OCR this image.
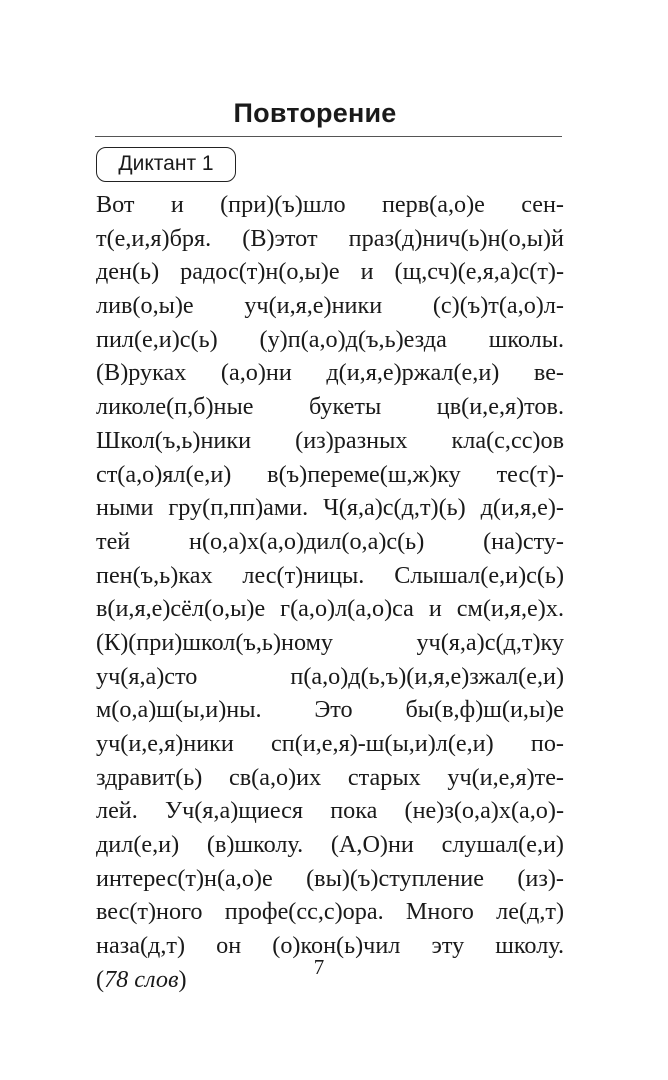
Повторение
Диктант 1
Вот и (при)(ъ)шло перв(а,о)е сен-
т(е,и,я)бря. (В)этот праз(д)нич(ь)н(о,ы)й
ден(ь) радос(т)н(о,ы)е и (щ,сч)(е,я,а)с(т)-
лив(о,ы)е уч(и,я,е)ники (с)(ъ)т(а,о)л-
пил(е,и)с(ь) (у)п(а,о)д(ъ,ь)езда школы.
(В)руках (а,о)ни д(и,я,е)ржал(е,и) ве-
ликоле(п,б)ные букеты цв(и,е,я)тов.
Школ(ъ,ь)ники (из)разных кла(с,сс)ов
ст(а,о)ял(е,и) в(ъ)переме(ш,ж)ку тес(т)-
ными гру(п,пп)ами. Ч(я,а)с(д,т)(ь) д(и,я,е)-
тей н(о,а)х(а,о)дил(о,а)с(ь) (на)сту-
пен(ъ,ь)ках лес(т)ницы. Слышал(е,и)с(ь)
в(и,я,е)сёл(о,ы)е г(а,о)л(а,о)са и см(и,я,е)х.
(К)(при)школ(ъ,ь)ному уч(я,а)с(д,т)ку
уч(я,а)сто п(а,о)д(ь,ъ)(и,я,е)зжал(е,и)
м(о,а)ш(ы,и)ны. Это бы(в,ф)ш(и,ы)е
уч(и,е,я)ники сп(и,е,я)-ш(ы,и)л(е,и) по-
здравит(ь) св(а,о)их старых уч(и,е,я)те-
лей. Уч(я,а)щиеся пока (не)з(о,а)х(а,о)-
дил(е,и) (в)школу. (А,О)ни слушал(е,и)
интерес(т)н(а,о)е (вы)(ъ)ступление (из)-
вес(т)ного профе(сс,с)ора. Много ле(д,т)
наза(д,т) он (о)кон(ь)чил эту школу.
(78 слов)	7
